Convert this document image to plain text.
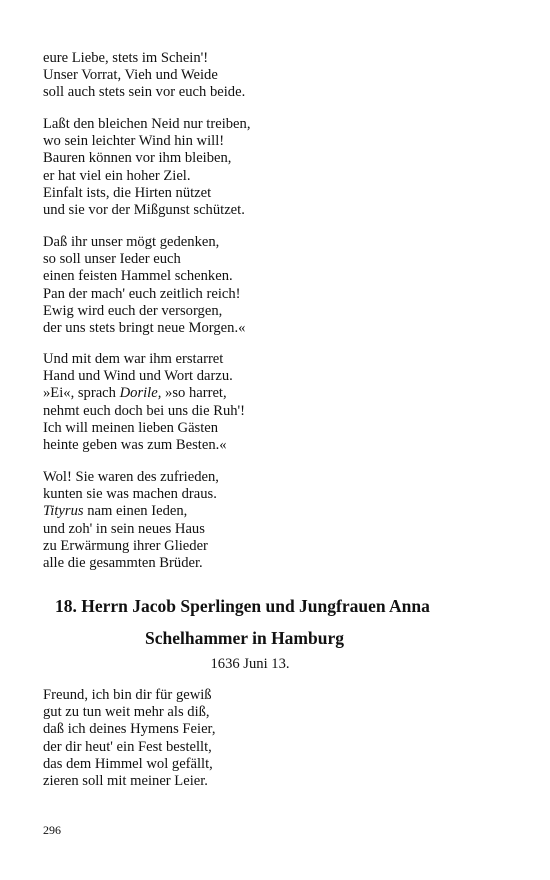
eure Liebe, stets im Schein'!
Unser Vorrat, Vieh und Weide
soll auch stets sein vor euch beide.
Laßt den bleichen Neid nur treiben,
wo sein leichter Wind hin will!
Bauren können vor ihm bleiben,
er hat viel ein hoher Ziel.
Einfalt ists, die Hirten nützet
und sie vor der Mißgunst schützet.
Daß ihr unser mögt gedenken,
so soll unser Ieder euch
einen feisten Hammel schenken.
Pan der mach' euch zeitlich reich!
Ewig wird euch der versorgen,
der uns stets bringt neue Morgen.«
Und mit dem war ihm erstarret
Hand und Wind und Wort darzu.
»Ei«, sprach Dorile, »so harret,
nehmt euch doch bei uns die Ruh'!
Ich will meinen lieben Gästen
heinte geben was zum Besten.«
Wol! Sie waren des zufrieden,
kunten sie was machen draus.
Tityrus nam einen Ieden,
und zoh' in sein neues Haus
zu Erwärmung ihrer Glieder
alle die gesammten Brüder.
18. Herrn Jacob Sperlingen und Jungfrauen Anna
Schelhammer in Hamburg
1636 Juni 13.
Freund, ich bin dir für gewiß
gut zu tun weit mehr als diß,
daß ich deines Hymens Feier,
der dir heut' ein Fest bestellt,
das dem Himmel wol gefällt,
zieren soll mit meiner Leier.
296
